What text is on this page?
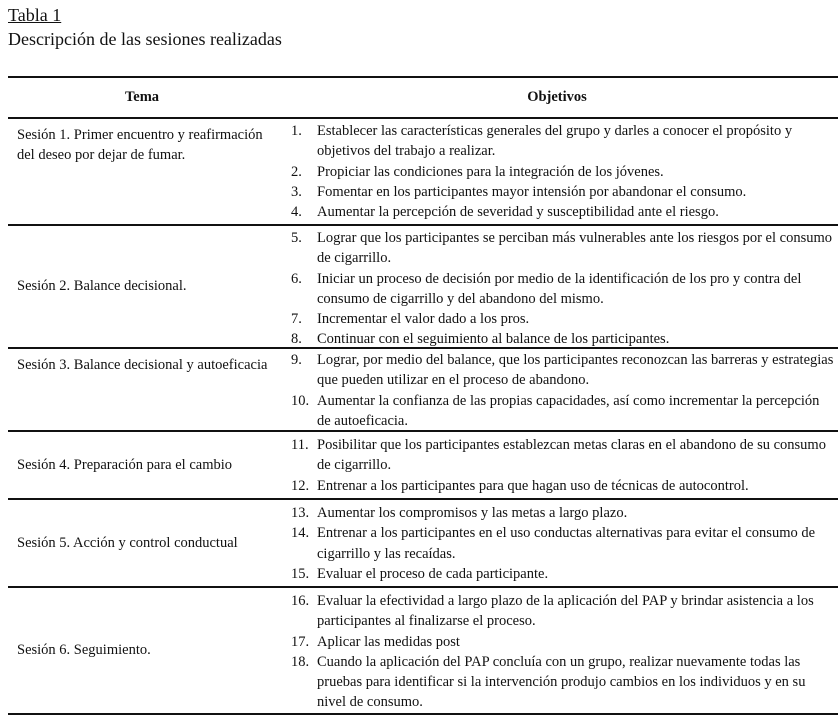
Tabla 1
Descripción de las sesiones realizadas
Tema	Objetivos
Sesión 1. Primer encuentro y reafirmación del deseo por dejar de fumar.
1.	Establecer las características generales del grupo y darles a conocer el propósito y objetivos del trabajo a realizar.
2.	Propiciar las condiciones para la integración de los jóvenes.
3.	Fomentar en los participantes mayor intensión por abandonar el consumo.
4.	Aumentar la percepción de severidad y susceptibilidad ante el riesgo.
Sesión 2. Balance decisional.
5.	Lograr que los participantes se perciban más vulnerables ante los riesgos por el consumo de cigarrillo.
6.	Iniciar un proceso de decisión por medio de la identificación de los pro y contra del consumo de cigarrillo y del abandono del mismo.
7.	Incrementar el valor dado a los pros.
8.	Continuar con el seguimiento al balance de los participantes.
Sesión 3. Balance decisional y autoeficacia	9.	Lograr, por medio del balance, que los participantes reconozcan las barreras y estrategias que pueden utilizar en el proceso de abandono.
10. Aumentar la confianza de las propias capacidades, así como incrementar la percepción de autoeficacia.
Sesión 4. Preparación para el cambio
11. Posibilitar que los participantes establezcan metas claras en el abandono de su consumo de cigarrillo.
12. Entrenar a los participantes para que hagan uso de técnicas de autocontrol.
Sesión 5. Acción y control conductual
13. Aumentar los compromisos y las metas a largo plazo.
14. Entrenar a los participantes en el uso conductas alternativas para evitar el consumo de cigarrillo y las recaídas.
15. Evaluar el proceso de cada participante.
Sesión 6. Seguimiento.
16. Evaluar la efectividad a largo plazo de la aplicación del PAP y brindar asistencia a los participantes al finalizarse el proceso.
17. Aplicar las medidas post
18. Cuando la aplicación del PAP concluía con un grupo, realizar nuevamente todas las pruebas para identificar si la intervención produjo cambios en los individuos y en su nivel de consumo.
